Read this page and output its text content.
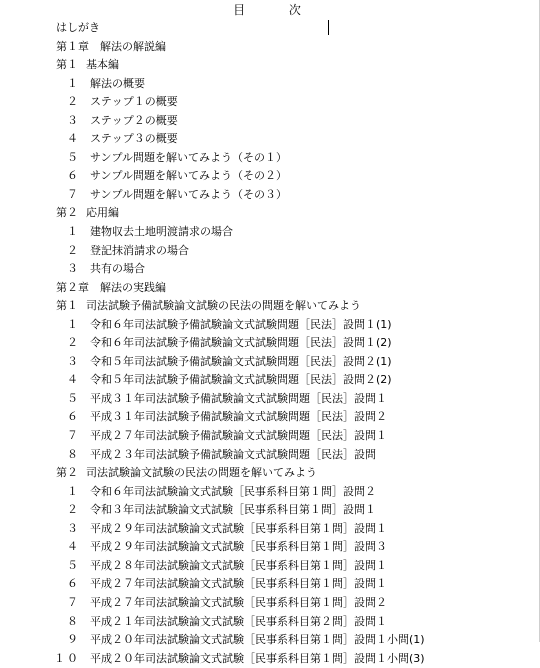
目 次
はしがき
第１章　解法の解説編
第１ 基本編
１ 解法の概要
２ ステップ１の概要
３ ステップ２の概要
４ ステップ３の概要
５ サンプル問題を解いてみよう（その１）
６ サンプル問題を解いてみよう（その２）
７ サンプル問題を解いてみよう（その３）
第２ 応用編
１ 建物収去土地明渡請求の場合
２ 登記抹消請求の場合
３ 共有の場合
第２章　解法の実践編
第１ 司法試験予備試験論文試験の民法の問題を解いてみよう
１ 令和６年司法試験予備試験論文式試験問題［民法］設問１(1)
２ 令和６年司法試験予備試験論文式試験問題［民法］設問１(2)
３ 令和５年司法試験予備試験論文式試験問題［民法］設問２(1)
４ 令和５年司法試験予備試験論文式試験問題［民法］設問２(2)
５ 平成３１年司法試験予備試験論文式試験問題［民法］設問１
６ 平成３１年司法試験予備試験論文式試験問題［民法］設問２
７ 平成２７年司法試験予備試験論文式試験問題［民法］設問１
８ 平成２３年司法試験予備試験論文式試験問題［民法］設問
第２ 司法試験論文試験の民法の問題を解いてみよう
１ 令和６年司法試験論文式試験［民事系科目第１問］設問２
２ 令和３年司法試験論文式試験［民事系科目第１問］設問１
３ 平成２９年司法試験論文式試験［民事系科目第１問］設問１
４ 平成２９年司法試験論文式試験［民事系科目第１問］設問３
５ 平成２８年司法試験論文式試験［民事系科目第１問］設問１
６ 平成２７年司法試験論文式試験［民事系科目第１問］設問１
７ 平成２７年司法試験論文式試験［民事系科目第１問］設問２
８ 平成２１年司法試験論文式試験［民事系科目第２問］設問１
９ 平成２０年司法試験論文式試験［民事系科目第１問］設問１小問(1)
１０ 平成２０年司法試験論文式試験［民事系科目第１問］設問１小問(3)
